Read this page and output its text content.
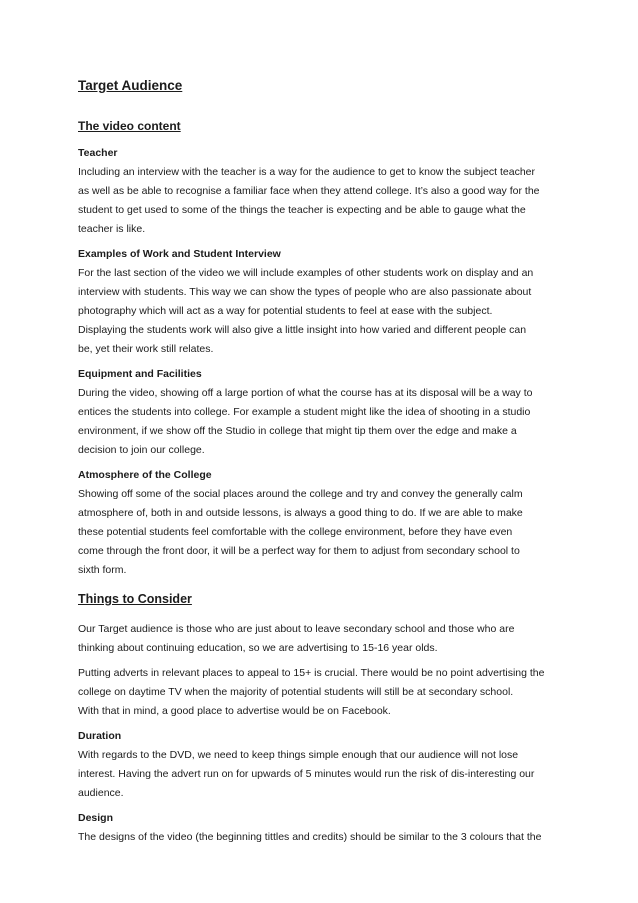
Target Audience
The video content
Teacher
Including an interview with the teacher is a way for the audience to get to know the subject teacher
as well as be able to recognise a familiar face when they attend college. It’s also a good way for the
student to get used to some of the things the teacher is expecting and be able to gauge what the
teacher is like.
Examples of Work and Student Interview
For the last section of the video we will include examples of other students work on display and an
interview with students. This way we can show the types of people who are also passionate about
photography which will act as a way for potential students to feel at ease with the subject.
Displaying the students work will also give a little insight into how varied and different people can
be, yet their work still relates.
Equipment and Facilities
During the video, showing off a large portion of what the course has at its disposal will be a way to
entices the students into college. For example a student might like the idea of shooting in a studio
environment, if we show off the Studio in college that might tip them over the edge and make a
decision to join our college.
Atmosphere of the College
Showing off some of the social places around the college and try and convey the generally calm
atmosphere of, both in and outside lessons, is always a good thing to do. If we are able to make
these potential students feel comfortable with the college environment, before they have even
come through the front door, it will be a perfect way for them to adjust from secondary school to
sixth form.
Things to Consider
Our Target audience is those who are just about to leave secondary school and those who are
thinking about continuing education, so we are advertising to 15-16 year olds.
Putting adverts in relevant places to appeal to 15+ is crucial. There would be no point advertising the
college on daytime TV when the majority of potential students will still be at secondary school.
With that in mind, a good place to advertise would be on Facebook.
Duration
With regards to the DVD, we need to keep things simple enough that our audience will not lose
interest. Having the advert run on for upwards of 5 minutes would run the risk of dis-interesting our
audience.
Design
The designs of the video (the beginning tittles and credits) should be similar to the 3 colours that the
